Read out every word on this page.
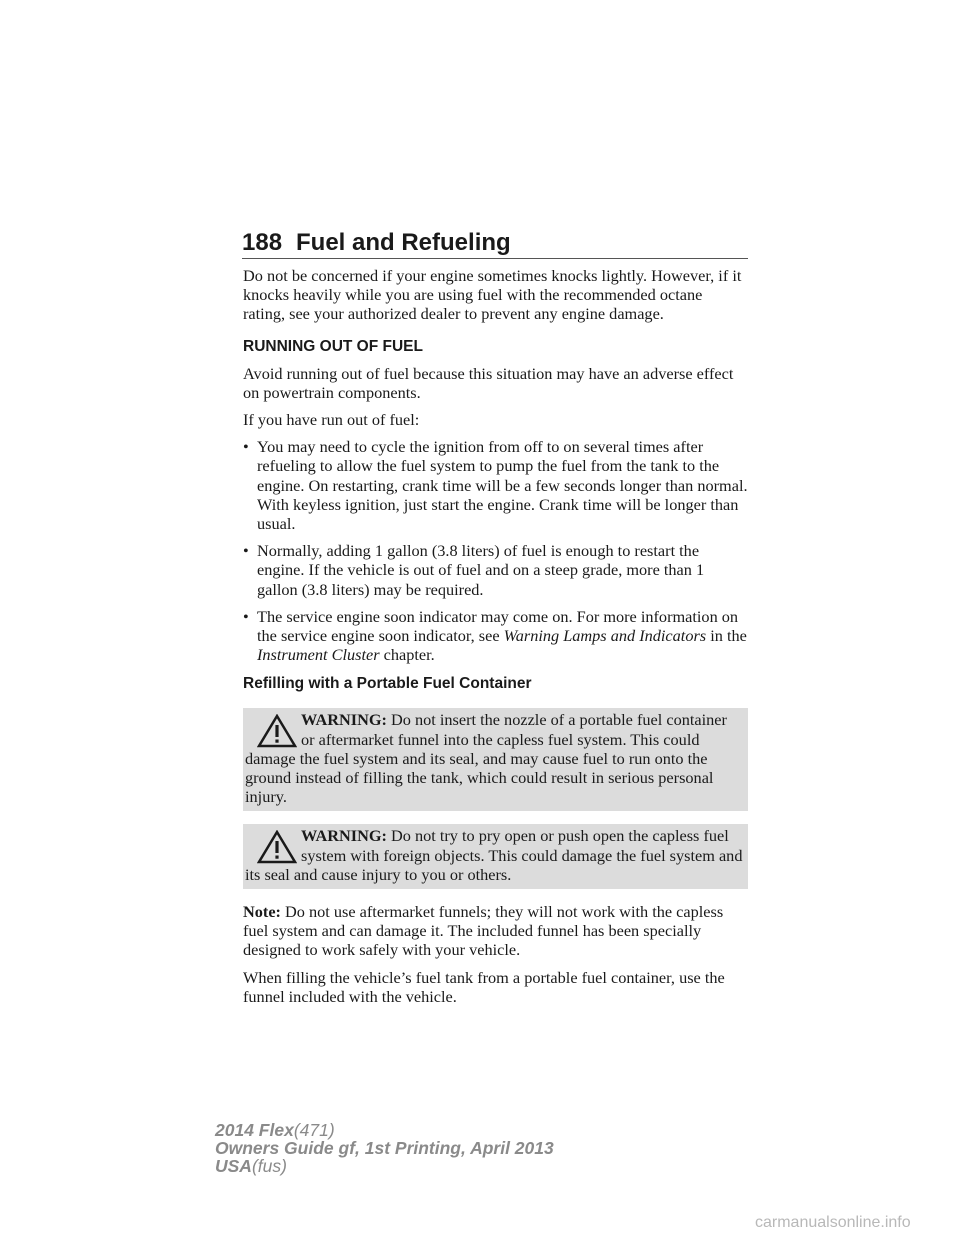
188 Fuel and Refueling

Do not be concerned if your engine sometimes knocks lightly. However, if it knocks heavily while you are using fuel with the recommended octane rating, see your authorized dealer to prevent any engine damage.

RUNNING OUT OF FUEL

Avoid running out of fuel because this situation may have an adverse effect on powertrain components.

If you have run out of fuel:

• You may need to cycle the ignition from off to on several times after refueling to allow the fuel system to pump the fuel from the tank to the engine. On restarting, crank time will be a few seconds longer than normal. With keyless ignition, just start the engine. Crank time will be longer than usual.
• Normally, adding 1 gallon (3.8 liters) of fuel is enough to restart the engine. If the vehicle is out of fuel and on a steep grade, more than 1 gallon (3.8 liters) may be required.
• The service engine soon indicator may come on. For more information on the service engine soon indicator, see Warning Lamps and Indicators in the Instrument Cluster chapter.
Refilling with a Portable Fuel Container
WARNING: Do not insert the nozzle of a portable fuel container or aftermarket funnel into the capless fuel system. This could damage the fuel system and its seal, and may cause fuel to run onto the ground instead of filling the tank, which could result in serious personal injury.
WARNING: Do not try to pry open or push open the capless fuel system with foreign objects. This could damage the fuel system and its seal and cause injury to you or others.

Note: Do not use aftermarket funnels; they will not work with the capless fuel system and can damage it. The included funnel has been specially designed to work safely with your vehicle.

When filling the vehicle’s fuel tank from a portable fuel container, use the funnel included with the vehicle.

2014 Flex(471)
Owners Guide gf, 1st Printing, April 2013
USA(fus)
carmanualsonline.info
